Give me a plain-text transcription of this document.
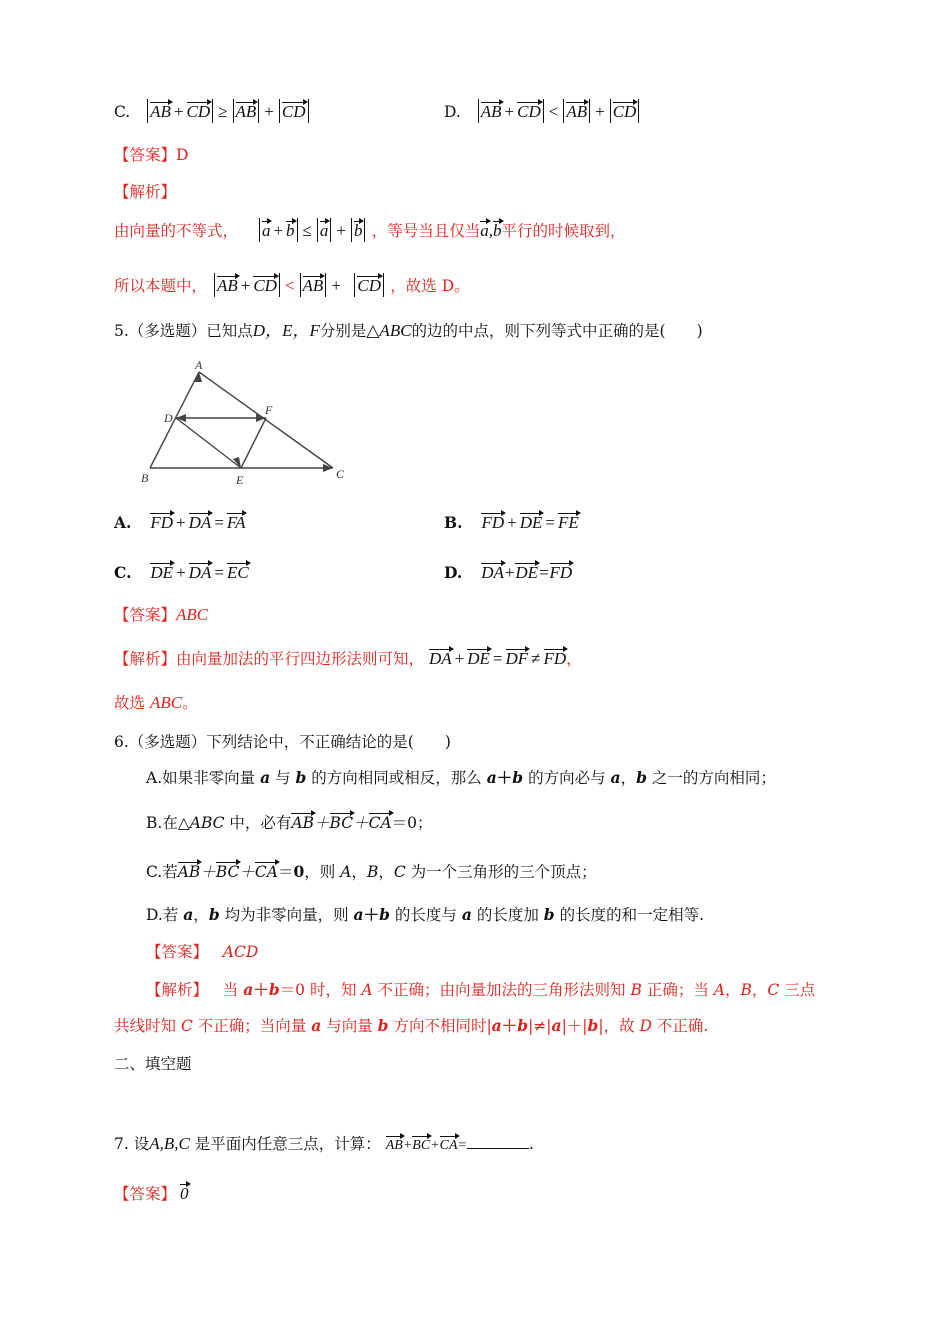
C. AB + CD ≥ AB + CD	D. AB + CD < AB + CD
【答案】D
【解析】
由向量的不等式， a + b ≤ a + b ，等号当且仅当a,b平行的时候取到，
所以本题中， AB + CD < AB + CD ，故选 D。
5.（多选题）已知点D，E，F分别是△ABC的边的中点，则下列等式中正确的是(　　)
A
B	C
D
E
F
A. FD + DA = FA	B. FD + DE = FE
C. DE + DA = EC	D. DA+DE=FD
【答案】ABC
【解析】由向量加法的平行四边形法则可知， DA + DE = DF ≠ FD，
故选 ABC。
6.（多选题）下列结论中，不正确结论的是(　　)
A.如果非零向量 a 与 b 的方向相同或相反，那么 a＋b 的方向必与 a，b 之一的方向相同；
B.在△ABC 中，必有AB＋BC＋CA＝0；
C.若AB＋BC＋CA＝0，则 A，B，C 为一个三角形的三个顶点；
D.若 a，b 均为非零向量，则 a＋b 的长度与 a 的长度加 b 的长度的和一定相等.
【答案】 ACD
【解析】 当 a＋b＝0 时，知 A 不正确；由向量加法的三角形法则知 B 正确；当 A，B，C 三点
共线时知 C 不正确；当向量 a 与向量 b 方向不相同时|a＋b|≠|a|＋|b|，故 D 不正确.
二、填空题
7. 设A,B,C 是平面内任意三点，计算： AB+BC+CA=	.
【答案】 0
